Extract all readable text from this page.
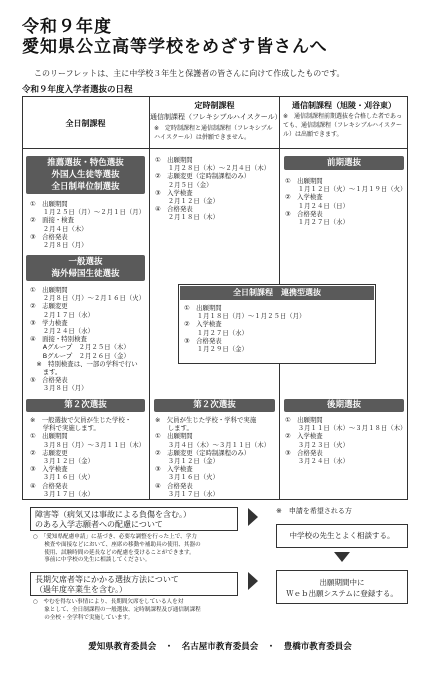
令和９年度
愛知県公立高等学校をめざす皆さんへ
このリーフレットは、主に中学校３年生と保護者の皆さんに向けて作成したものです。
令和９年度入学者選抜の日程
全日制課程
定時制課程
通信制課程（フレキシブルハイスクール）
※　定時制課程と通信制課程（フレキシブルハイスクール）は併願できません。
通信制課程（旭陵・刈谷東）
※　通信制課程前期選抜を合格した者であっても、通信制課程（フレキシブルハイスクール）は出願できます。
推薦選抜・特色選抜
外国人生徒等選抜
全日制単位制選抜
①　出願期間
　　１月２５日（月）〜２月１日（月）
②　面接・検査
　　２月４日（木）
③　合格発表
　　２月８日（月）
一般選抜
海外帰国生徒選抜
①　出願期間
　　２月８日（月）〜２月１６日（火）
②　志願変更
　　２月１７日（水）
③　学力検査
　　２月２４日（水）
④　面接・特別検査
　　Aグループ　２月２５日（木）
　　Bグループ　２月２６日（金）
　※　特別検査は、一部の学科で行い
　　ます。
⑤　合格発表
　　３月８日（月）
第２次選抜
※　一般選抜で欠員が生じた学校・
　　学科で実施します。
①　出願期間
　　３月８日（月）〜３月１１日（木）
②　志願変更
　　３月１２日（金）
③　入学検査
　　３月１６日（火）
④　合格発表
　　３月１７日（水）
①　出願期間
　　１月２８日（木）〜２月４日（木）
②　志願変更（定時制課程のみ）
　　２月５日（金）
③　入学検査
　　２月１２日（金）
④　合格発表
　　２月１８日（木）
第２次選抜
※　欠員が生じた学校・学科で実施
　　します。
①　出願期間
　　３月４日（木）〜３月１１日（木）
②　志願変更（定時制課程のみ）
　　３月１２日（金）
③　入学検査
　　３月１６日（火）
④　合格発表
　　３月１７日（水）
前期選抜
①　出願期間
　　１月１２日（火）〜１月１９日（火）
②　入学検査
　　１月２４日（日）
③　合格発表
　　１月２７日（水）
後期選抜
①　出願期間
　　３月１１日（木）〜３月１８日（木）
②　入学検査
　　３月２３日（火）
③　合格発表
　　３月２４日（水）
全日制課程　連携型選抜
①　出願期間
　　１月１８日（月）〜１月２５日（月）
②　入学検査
　　１月２７日（水）
③　合格発表
　　１月２９日（金）
障害等（病気又は事故による負傷を含む。）
のある入学志願者への配慮について
○　「愛知県配慮申請」に基づき、必要な調整を行った上で、学力
　　検査や面接などにおいて、座席の移動や補助具の使用、其器の
　　使用、試験時間の延長などの配慮を受けることができます。
　　事前に中学校の先生に相談してください。
長期欠席者等にかかる選抜方法について
（過年度卒業生を含む。）
○　やむを得ない事情により、長期間欠席をしている人を対
　　象として、全日制課程の一般選抜、定時制課程及び通信制課程
　　の全校・全学科で実施しています。
※　申請を希望される方
中学校の先生とよく相談する。
出願期間中に
Ｗｅｂ出願システムに登録する。
愛知県教育委員会　・　名古屋市教育委員会　・　豊橋市教育委員会
